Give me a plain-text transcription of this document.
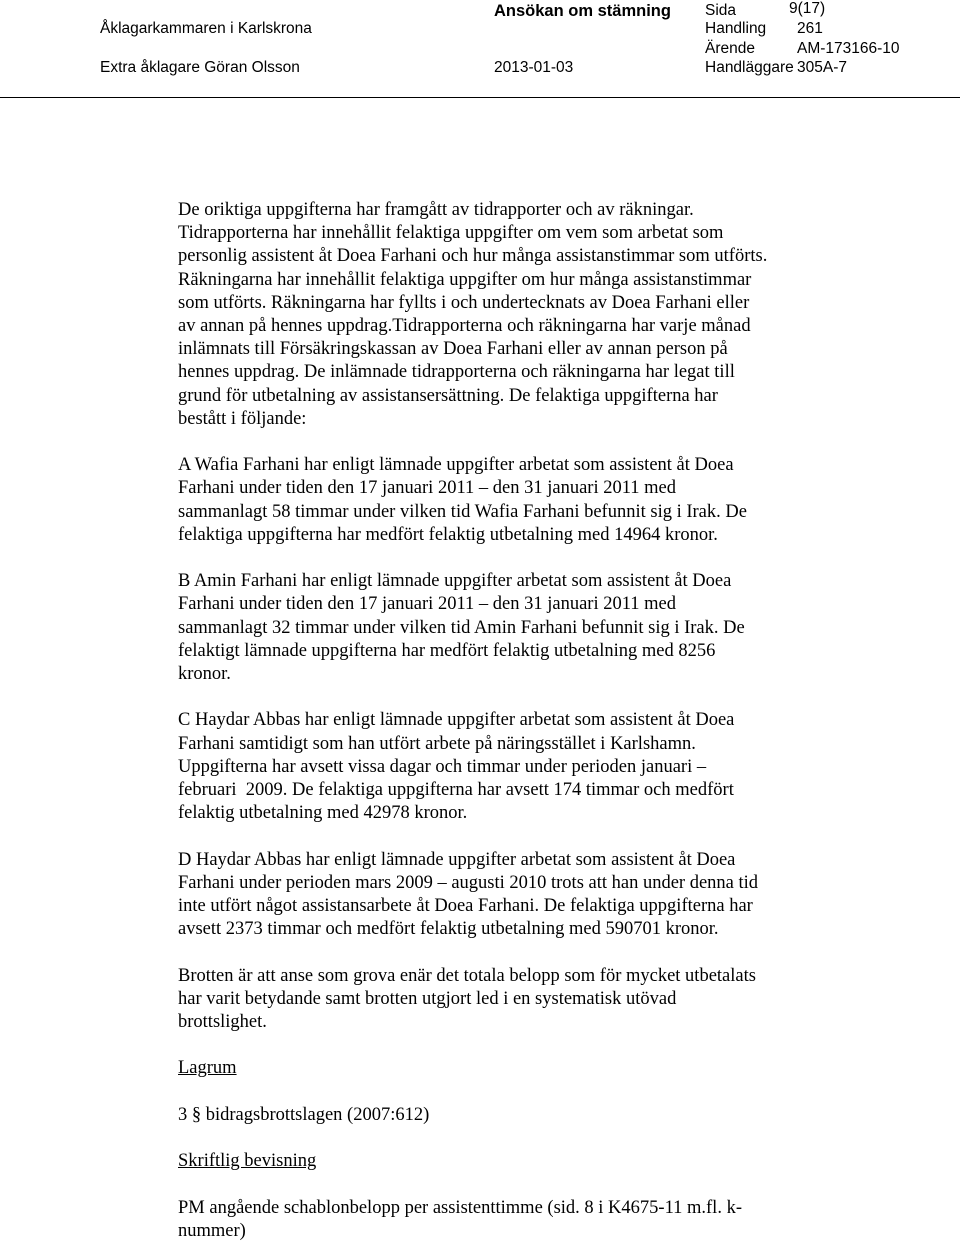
Åklagarkammaren i Karlskrona
Extra åklagare Göran Olsson
Ansökan om stämning
2013-01-03
Sida	9(17)
Handling 261
Ärende	AM-173166-10
Handläggare 305A-7

De oriktiga uppgifterna har framgått av tidrapporter och av räkningar.
Tidrapporterna har innehållit felaktiga uppgifter om vem som arbetat som
personlig assistent åt Doea Farhani och hur många assistanstimmar som utförts.
Räkningarna har innehållit felaktiga uppgifter om hur många assistanstimmar
som utförts. Räkningarna har fyllts i och undertecknats av Doea Farhani eller
av annan på hennes uppdrag.Tidrapporterna och räkningarna har varje månad
inlämnats till Försäkringskassan av Doea Farhani eller av annan person på
hennes uppdrag. De inlämnade tidrapporterna och räkningarna har legat till
grund för utbetalning av assistansersättning. De felaktiga uppgifterna har
bestått i följande:

A Wafia Farhani har enligt lämnade uppgifter arbetat som assistent åt Doea
Farhani under tiden den 17 januari 2011 – den 31 januari 2011 med
sammanlagt 58 timmar under vilken tid Wafia Farhani befunnit sig i Irak. De
felaktiga uppgifterna har medfört felaktig utbetalning med 14964 kronor.

B Amin Farhani har enligt lämnade uppgifter arbetat som assistent åt Doea
Farhani under tiden den 17 januari 2011 – den 31 januari 2011 med
sammanlagt 32 timmar under vilken tid Amin Farhani befunnit sig i Irak. De
felaktigt lämnade uppgifterna har medfört felaktig utbetalning med 8256
kronor.

C Haydar Abbas har enligt lämnade uppgifter arbetat som assistent åt Doea
Farhani samtidigt som han utfört arbete på näringsstället i Karlshamn.
Uppgifterna har avsett vissa dagar och timmar under perioden januari –
februari  2009. De felaktiga uppgifterna har avsett 174 timmar och medfört
felaktig utbetalning med 42978 kronor.

D Haydar Abbas har enligt lämnade uppgifter arbetat som assistent åt Doea
Farhani under perioden mars 2009 – augusti 2010 trots att han under denna tid
inte utfört något assistansarbete åt Doea Farhani. De felaktiga uppgifterna har
avsett 2373 timmar och medfört felaktig utbetalning med 590701 kronor.

Brotten är att anse som grova enär det totala belopp som för mycket utbetalats
har varit betydande samt brotten utgjort led i en systematisk utövad
brottslighet.

Lagrum

3 § bidragsbrottslagen (2007:612)

Skriftlig bevisning

PM angående schablonbelopp per assistenttimme (sid. 8 i K4675-11 m.fl. k-
nummer)
